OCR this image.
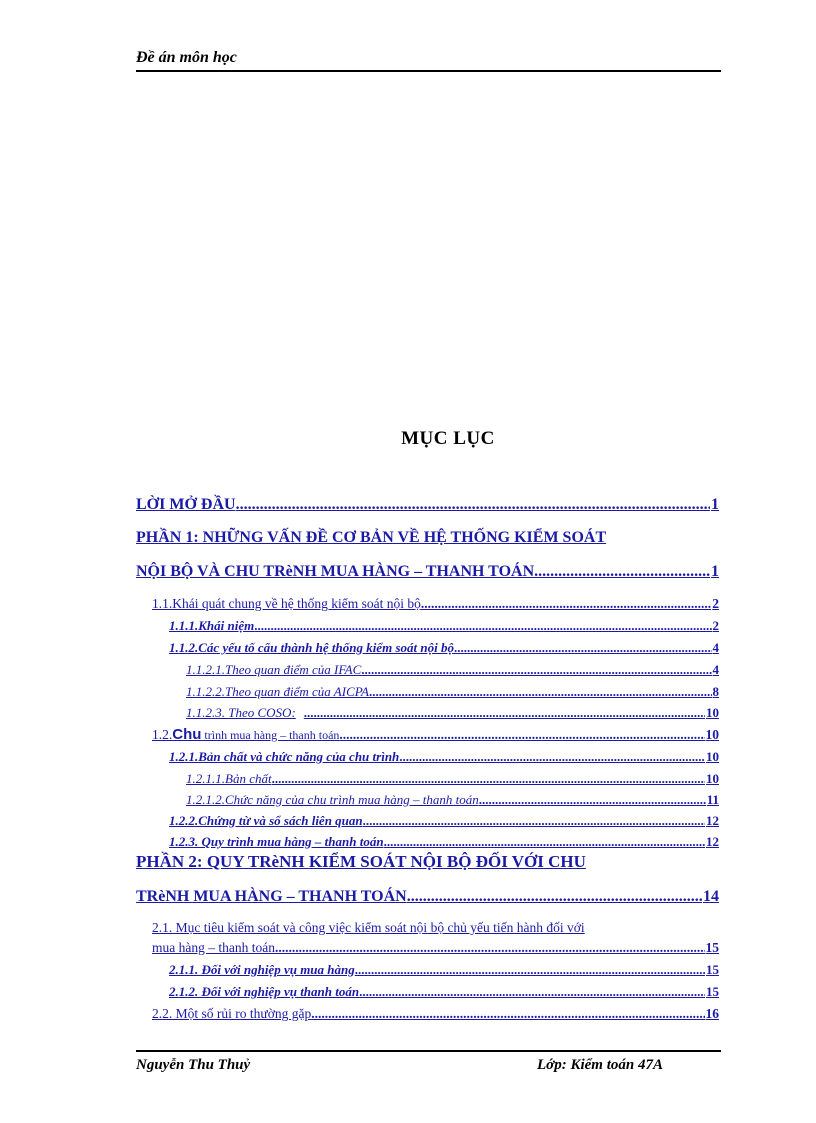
Đề án môn học
MỤC LỤC
LỜI MỞ ĐẦU .....	1
PHẦN 1: NHỮNG VẤN ĐỀ CƠ BẢN VỀ HỆ THỐNG KIỂM SOÁT
NỘI BỘ VÀ CHU TRèNH MUA HÀNG – THANH TOÁN. .....	1
1.1.Khái quát chung về hệ thống kiểm soát nội bộ .....	2
1.1.1.Khái niệm .....	2
1.1.2.Các yếu tố cấu thành hệ thống kiểm soát nội bộ .....	4
1.1.2.1.Theo quan điểm của IFAC .....	4
1.1.2.2.Theo quan điểm của AICPA .....	8
1.1.2.3. Theo COSO: .....	10
1.2.Chu trình mua hàng – thanh toán .....	10
1.2.1.Bản chất và chức năng của chu trình .....	10
1.2.1.1.Bản chất .....	10
1.2.1.2.Chức năng của chu trình mua hàng – thanh toán .....	11
1.2.2.Chứng từ và sổ sách liên quan .....	12
1.2.3. Quy trình mua hàng – thanh toán .....	12
PHẦN 2: QUY TRèNH KIỂM SOÁT NỘI BỘ ĐỐI VỚI CHU
TRèNH MUA HÀNG – THANH TOÁN .....	14
2.1. Mục tiêu kiểm soát và công việc kiểm soát nội bộ chủ yếu tiến hành đối với
mua hàng – thanh toán .....	15
2.1.1. Đối với nghiệp vụ mua hàng .....	15
2.1.2. Đối với nghiệp vụ thanh toán .....	15
2.2. Một số rủi ro thường gặp .....	16
Nguyễn Thu Thuỷ	Lớp: Kiểm toán 47A
